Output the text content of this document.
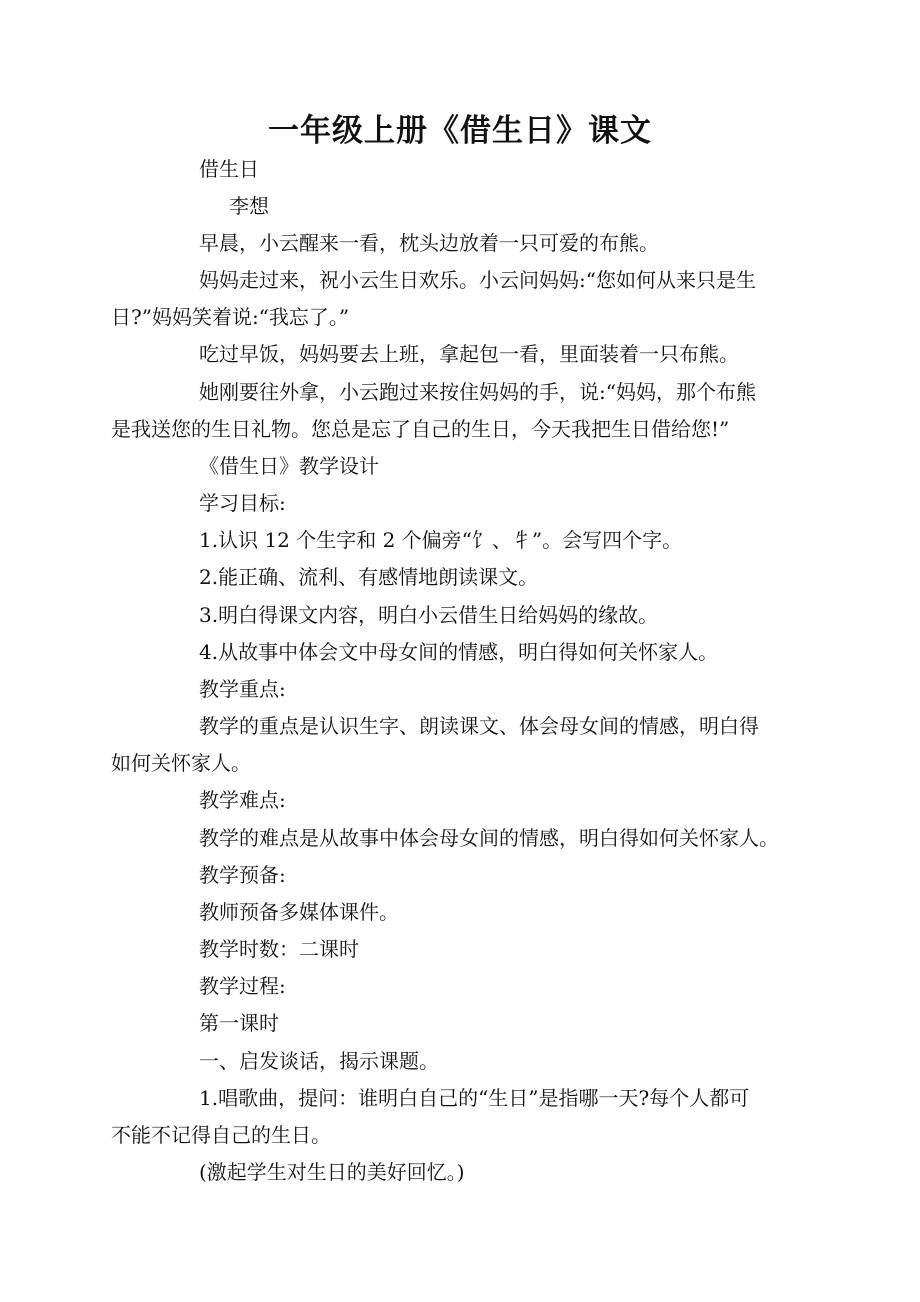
一年级上册《借生日》课文
借生日
李想
早晨，小云醒来一看，枕头边放着一只可爱的布熊。
妈妈走过来，祝小云生日欢乐。小云问妈妈:“您如何从来只是生
日?”妈妈笑着说:“我忘了。”
吃过早饭，妈妈要去上班，拿起包一看，里面装着一只布熊。
她刚要往外拿，小云跑过来按住妈妈的手，说:“妈妈，那个布熊
是我送您的生日礼物。您总是忘了自己的生日，今天我把生日借给您!”
《借生日》教学设计
学习目标:
1.认识 12 个生字和 2 个偏旁“饣、牜”。会写四个字。
2.能正确、流利、有感情地朗读课文。
3.明白得课文内容，明白小云借生日给妈妈的缘故。
4.从故事中体会文中母女间的情感，明白得如何关怀家人。
教学重点:
教学的重点是认识生字、朗读课文、体会母女间的情感，明白得
如何关怀家人。
教学难点:
教学的难点是从故事中体会母女间的情感，明白得如何关怀家人。
教学预备:
教师预备多媒体课件。
教学时数：二课时
教学过程:
第一课时
一、启发谈话，揭示课题。
1.唱歌曲，提问：谁明白自己的“生日”是指哪一天?每个人都可
不能不记得自己的生日。
(激起学生对生日的美好回忆。)
